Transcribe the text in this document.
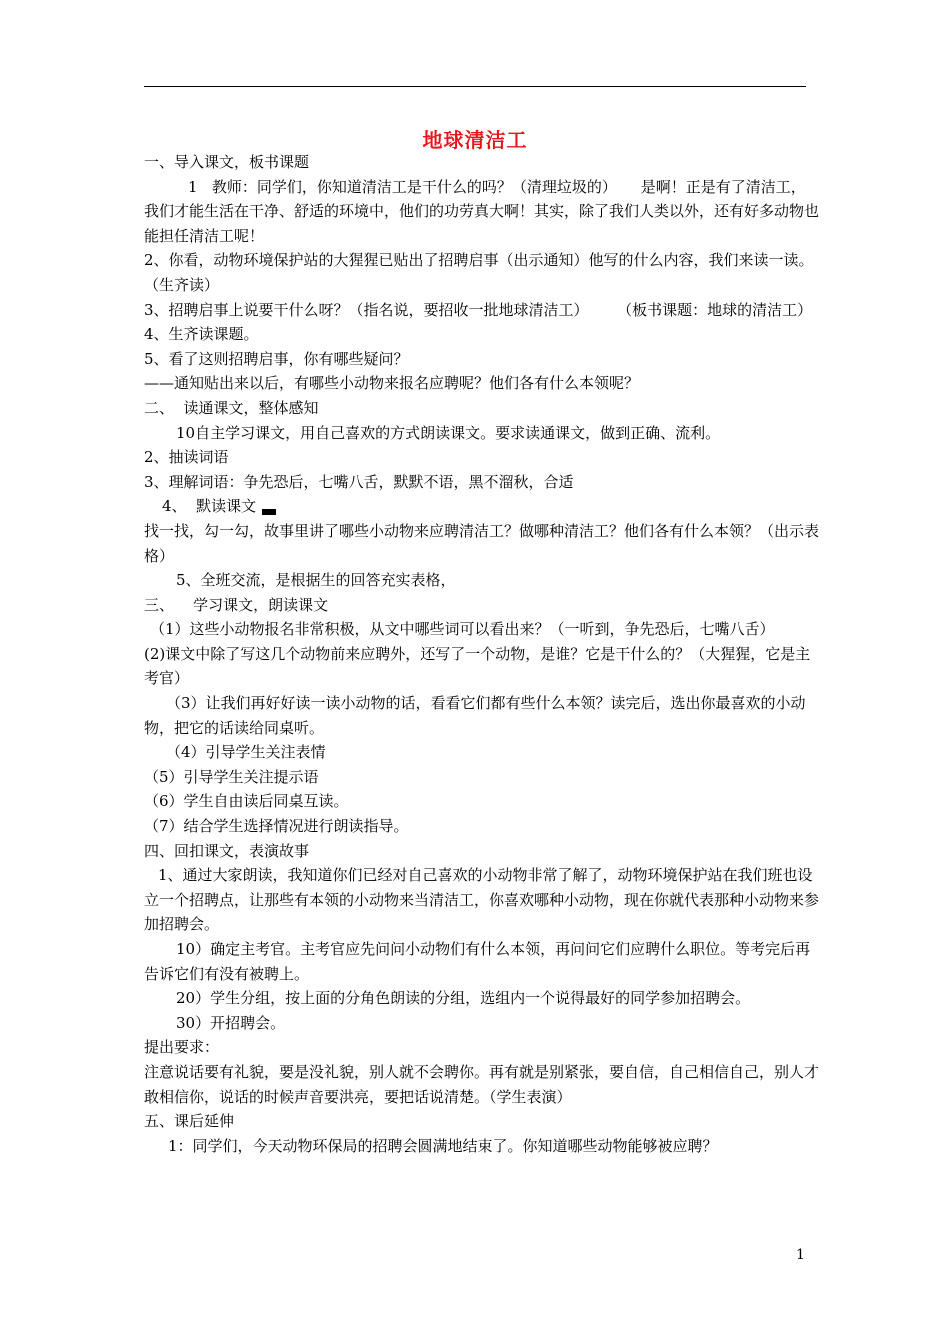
地球清洁工
一、导入课文，板书课题
1   教师：同学们，你知道清洁工是干什么的吗？（清理垃圾的）     是啊！正是有了清洁工，我们才能生活在干净、舒适的环境中，他们的功劳真大啊！其实，除了我们人类以外，还有好多动物也能担任清洁工呢！
2、你看，动物环境保护站的大猩猩已贴出了招聘启事（出示通知）他写的什么内容，我们来读一读。（生齐读）
3、招聘启事上说要干什么呀？（指名说，要招收一批地球清洁工）      （板书课题：地球的清洁工）
4、生齐读课题。
5、看了这则招聘启事，你有哪些疑问？
——通知贴出来以后，有哪些小动物来报名应聘呢？他们各有什么本领呢？
二、  读通课文，整体感知
10自主学习课文，用自己喜欢的方式朗读课文。要求读通课文，做到正确、流利。
2、抽读词语
3、理解词语：争先恐后，七嘴八舌，默默不语，黑不溜秋，合适
4、  默读课文
找一找，勾一勾，故事里讲了哪些小动物来应聘清洁工？做哪种清洁工？他们各有什么本领？（出示表格）
5、全班交流，是根据生的回答充实表格，
三、    学习课文，朗读课文
（1）这些小动物报名非常积极，从文中哪些词可以看出来？（一听到，争先恐后，七嘴八舌）
(2)课文中除了写这几个动物前来应聘外，还写了一个动物，是谁？它是干什么的？（大猩猩，它是主考官）
（3）让我们再好好读一读小动物的话，看看它们都有些什么本领？读完后，选出你最喜欢的小动物，把它的话读给同桌听。
（4）引导学生关注表情
（5）引导学生关注提示语
（6）学生自由读后同桌互读。
（7）结合学生选择情况进行朗读指导。
四、回扣课文，表演故事
1、通过大家朗读，我知道你们已经对自己喜欢的小动物非常了解了，动物环境保护站在我们班也设立一个招聘点，让那些有本领的小动物来当清洁工，你喜欢哪种小动物，现在你就代表那种小动物来参加招聘会。
10）确定主考官。主考官应先问问小动物们有什么本领，再问问它们应聘什么职位。等考完后再告诉它们有没有被聘上。
20）学生分组，按上面的分角色朗读的分组，选组内一个说得最好的同学参加招聘会。
30）开招聘会。
提出要求：
注意说话要有礼貌，要是没礼貌，别人就不会聘你。再有就是别紧张，要自信，自己相信自己，别人才敢相信你，说话的时候声音要洪亮，要把话说清楚。（学生表演）
五、课后延伸
1：同学们，今天动物环保局的招聘会圆满地结束了。你知道哪些动物能够被应聘？
1
